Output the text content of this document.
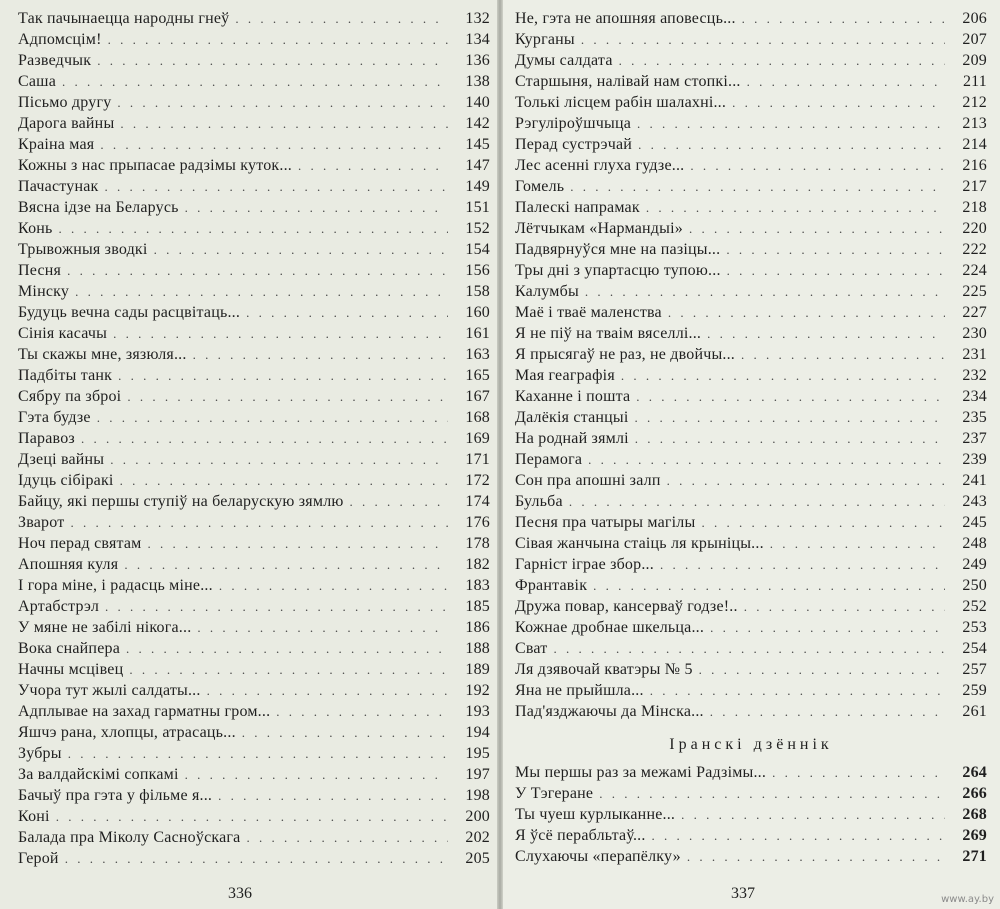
Так пачынаецца народны гнеў . . .	132
Адпомсцім! . . .	134
Разведчык . . .	136
Саша . . .	138
Пісьмо другу . . .	140
Дарога вайны . . .	142
Краіна мая . . .	145
Кожны з нас прыпасае радзімы куток... . . .	147
Пачастунак . . .	149
Вясна ідзе на Беларусь . . .	151
Конь . . .	152
Трывожныя зводкі . . .	154
Песня . . .	156
Мінску . . .	158
Будуць вечна сады расцвітаць... . . .	160
Сінія касачы . . .	161
Ты скажы мне, зязюля... . . .	163
Падбіты танк . . .	165
Сябру па зброі . . .	167
Гэта будзе . . .	168
Паравоз . . .	169
Дзеці вайны . . .	171
Ідуць сібіракі . . .	172
Байцу, які першы ступіў на беларускую зямлю . . .	174
Зварот . . .	176
Ноч перад святам . . .	178
Апошняя куля . . .	182
І гора міне, і радасць міне... . . .	183
Артабстрэл . . .	185
У мяне не забілі нікога... . . .	186
Вока снайпера . . .	188
Начны мсцівец . . .	189
Учора тут жылі салдаты... . . .	192
Адплывае на захад гарматны гром... . . .	193
Яшчэ рана, хлопцы, атрасаць... . . .	194
Зубры . . .	195
За валдайскімі сопкамі . . .	197
Бачыў пра гэта у фільме я... . . .	198
Коні . . .	200
Балада пра Міколу Сасноўскага . . .	202
Герой . . .	205
336
Не, гэта не апошняя аповесць... . . .	206
Курганы . . .	207
Думы салдата . . .	209
Старшыня, налівай нам стопкі... . . .	211
Толькі лісцем рабін шалахні... . . .	212
Рэгуліроўшчыца . . .	213
Перад сустрэчай . . .	214
Лес асенні глуха гудзе... . . .	216
Гомель . . .	217
Палескі напрамак . . .	218
Лётчыкам «Нармандыі» . . .	220
Падвярнуўся мне на пазіцы... . . .	222
Тры дні з упартасцю тупою... . . .	224
Калумбы . . .	225
Маё і тваё маленства . . .	227
Я не піў на тваім вяселлі... . . .	230
Я прысягаў не раз, не двойчы... . . .	231
Мая геаграфія . . .	232
Каханне і пошта . . .	234
Далёкія станцыі . . .	235
На роднай зямлі . . .	237
Перамога . . .	239
Сон пра апошні залп . . .	241
Бульба . . .	243
Песня пра чатыры магілы . . .	245
Сівая жанчына стаіць ля крыніцы... . . .	248
Гарніст іграе збор... . . .	249
Франтавік . . .	250
Дружа повар, кансерваў годзе!.. . . .	252
Кожнае дробнае шкельца... . . .	253
Сват . . .	254
Ля дзявочай кватэры № 5 . . .	257
Яна не прыйшла... . . .	259
Пад'язджаючы да Мінска... . . .	261
Іранскі дзённік
Мы першы раз за межамі Радзімы... . . .	264
У Тэгеране . . .	266
Ты чуеш курлыканне... . . .	268
Я ўсё перабльтаў... . . .	269
Слухаючы «перапёлку» . . .	271
337	www.ay.by
